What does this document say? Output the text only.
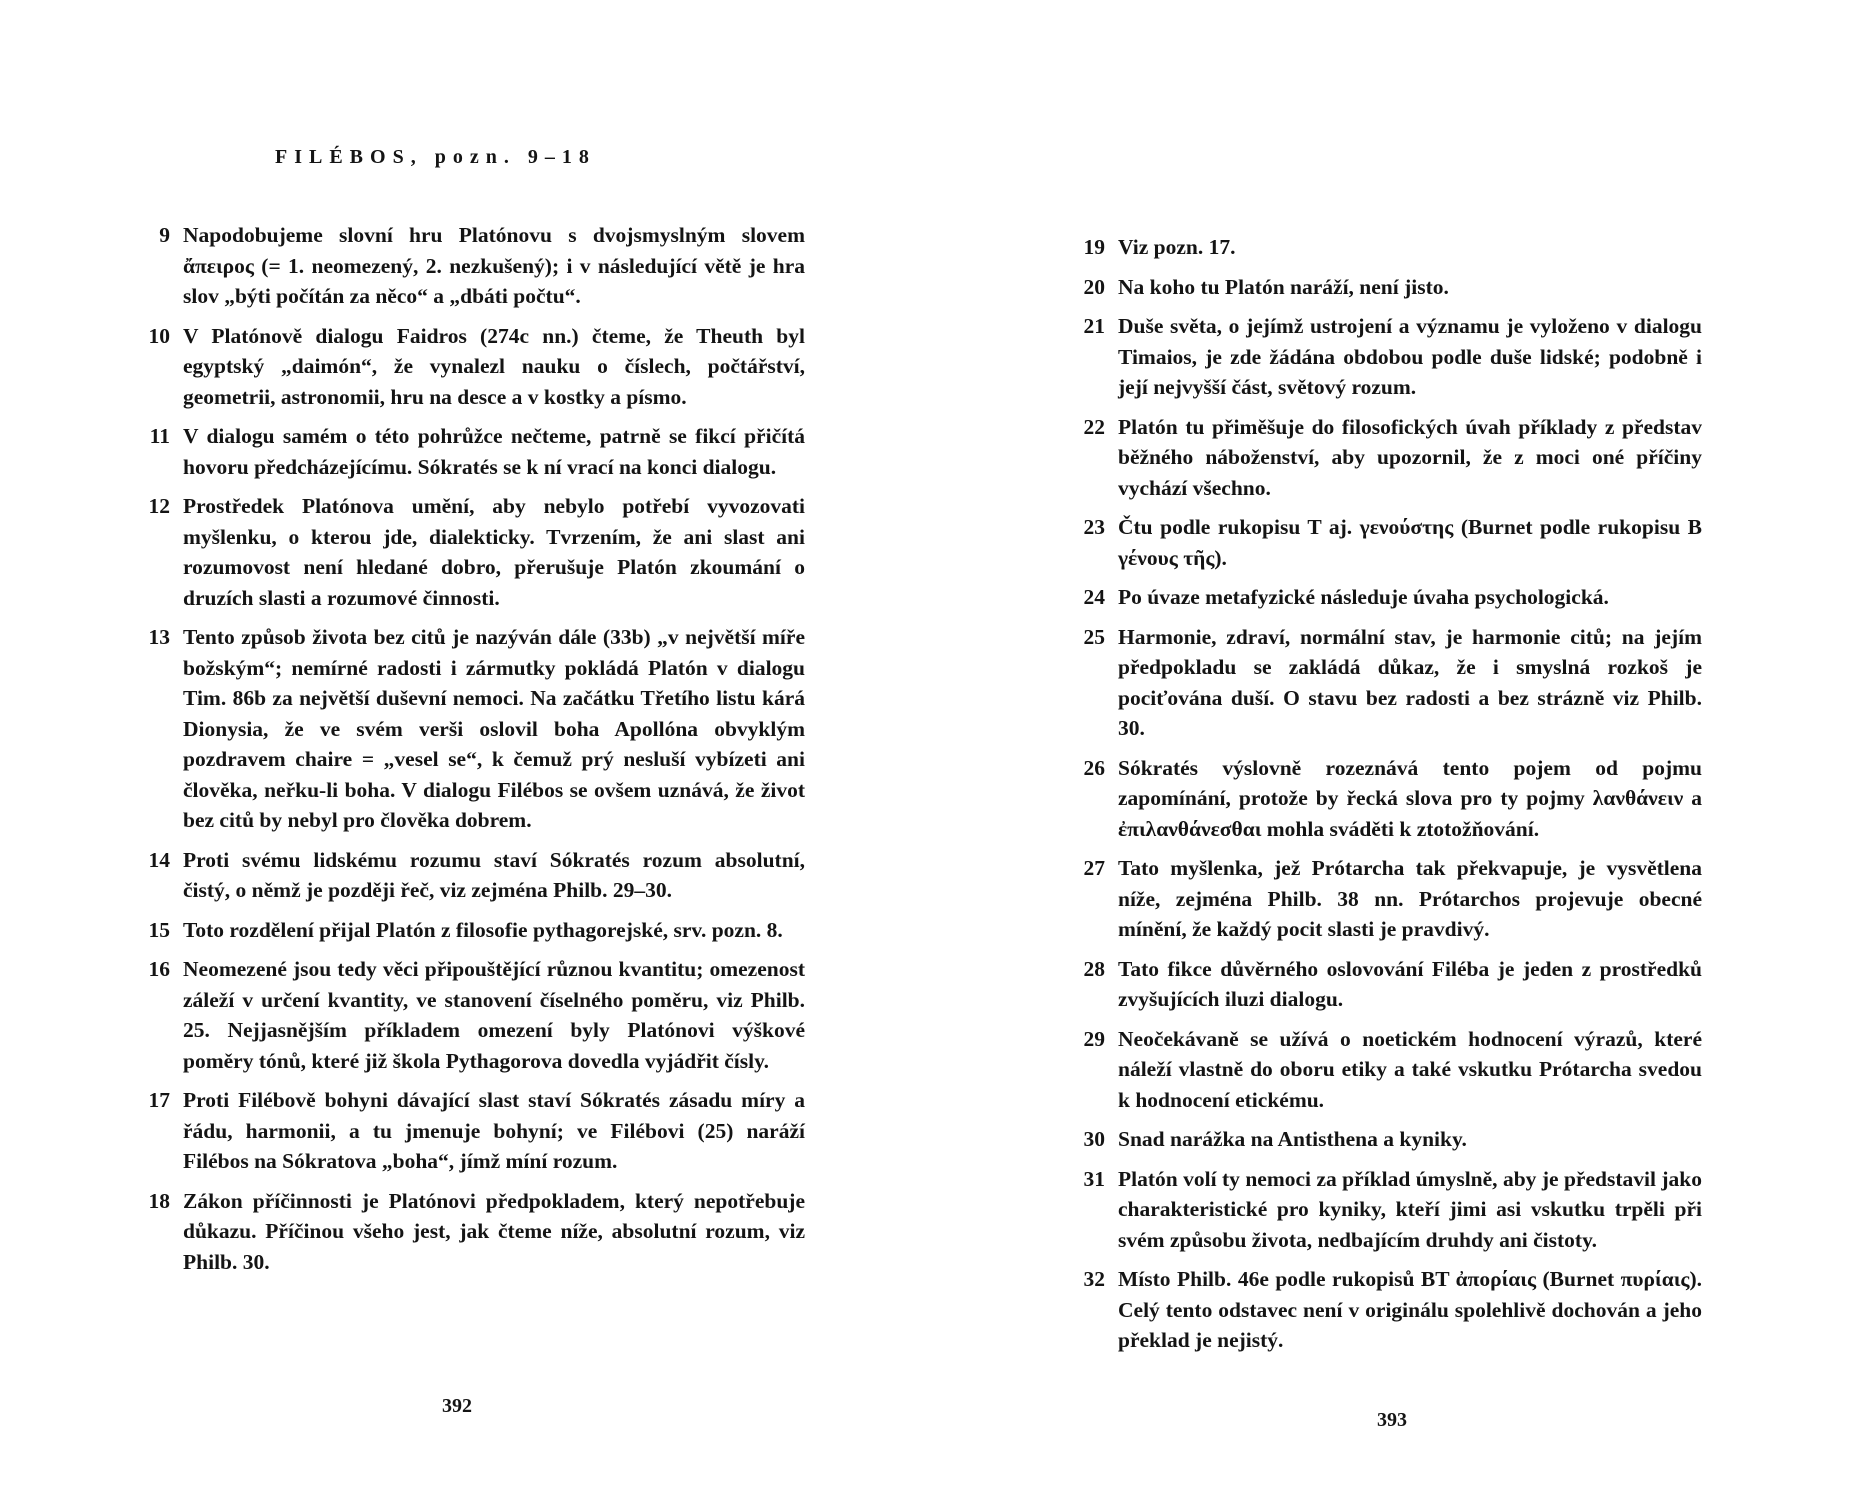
FILÉBOS, pozn. 9–18
9 Napodobujeme slovní hru Platónovu s dvojsmyslným slovem ἄπειρος (= 1. neomezený, 2. nezkušený); i v následující větě je hra slov „býti počítán za něco“ a „dbáti počtu“.
10 V Platónově dialogu Faidros (274c nn.) čteme, že Theuth byl egyptský „daimón“, že vynalezl nauku o číslech, počtářství, geometrii, astronomii, hru na desce a v kostky a písmo.
11 V dialogu samém o této pohrůžce nečteme, patrně se fikcí přičítá hovoru předcházejícímu. Sókratés se k ní vrací na konci dialogu.
12 Prostředek Platónova umění, aby nebylo potřebí vyvozovati myšlenku, o kterou jde, dialekticky. Tvrzením, že ani slast ani rozumovost není hledané dobro, přerušuje Platón zkoumání o druzích slasti a rozumové činnosti.
13 Tento způsob života bez citů je nazýván dále (33b) „v největší míře božským“; nemírné radosti i zármutky pokládá Platón v dialogu Tim. 86b za největší duševní nemoci. Na začátku Třetího listu kárá Dionysia, že ve svém verši oslovil boha Apollóna obvyklým pozdravem chaire = „vesel se“, k čemuž prý nesluší vybízeti ani člověka, neřku-li boha. V dialogu Filébos se ovšem uznává, že život bez citů by nebyl pro člověka dobrem.
14 Proti svému lidskému rozumu staví Sókratés rozum absolutní, čistý, o němž je později řeč, viz zejména Philb. 29–30.
15 Toto rozdělení přijal Platón z filosofie pythagorejské, srv. pozn. 8.
16 Neomezené jsou tedy věci připouštějící různou kvantitu; omezenost záleží v určení kvantity, ve stanovení číselného poměru, viz Philb. 25. Nejjasnějším příkladem omezení byly Platónovi výškové poměry tónů, které již škola Pythagorova dovedla vyjádřit čísly.
17 Proti Filébově bohyni dávající slast staví Sókratés zásadu míry a řádu, harmonii, a tu jmenuje bohyní; ve Filébovi (25) naráží Filébos na Sókratova „boha“, jímž míní rozum.
18 Zákon příčinnosti je Platónovi předpokladem, který nepotřebuje důkazu. Příčinou všeho jest, jak čteme níže, absolutní rozum, viz Philb. 30.
392
19 Viz pozn. 17.
20 Na koho tu Platón naráží, není jisto.
21 Duše světa, o jejímž ustrojení a významu je vyloženo v dialogu Timaios, je zde žádána obdobou podle duše lidské; podobně i její nejvyšší část, světový rozum.
22 Platón tu přiměšuje do filosofických úvah příklady z představ běžného náboženství, aby upozornil, že z moci oné příčiny vychází všechno.
23 Čtu podle rukopisu T aj. γενούστης (Burnet podle rukopisu B γένους τῆς).
24 Po úvaze metafyzické následuje úvaha psychologická.
25 Harmonie, zdraví, normální stav, je harmonie citů; na jejím předpokladu se zakládá důkaz, že i smyslná rozkoš je pociťována duší. O stavu bez radosti a bez strázně viz Philb. 30.
26 Sókratés výslovně rozeznává tento pojem od pojmu zapomínání, protože by řecká slova pro ty pojmy λανθάνειν a ἐπιλανθάνεσθαι mohla sváděti k ztotožňování.
27 Tato myšlenka, jež Prótarcha tak překvapuje, je vysvětlena níže, zejména Philb. 38 nn. Prótarchos projevuje obecné mínění, že každý pocit slasti je pravdivý.
28 Tato fikce důvěrného oslovování Filéba je jeden z prostředků zvyšujících iluzi dialogu.
29 Neočekávaně se užívá o noetickém hodnocení výrazů, které náleží vlastně do oboru etiky a také vskutku Prótarcha svedou k hodnocení etickému.
30 Snad narážka na Antisthena a kyniky.
31 Platón volí ty nemoci za příklad úmyslně, aby je představil jako charakteristické pro kyniky, kteří jimi asi vskutku trpěli při svém způsobu života, nedbajícím druhdy ani čistoty.
32 Místo Philb. 46e podle rukopisů BT ἀπορίαις (Burnet πυρίαις). Celý tento odstavec není v originálu spolehlivě dochován a jeho překlad je nejistý.
393
